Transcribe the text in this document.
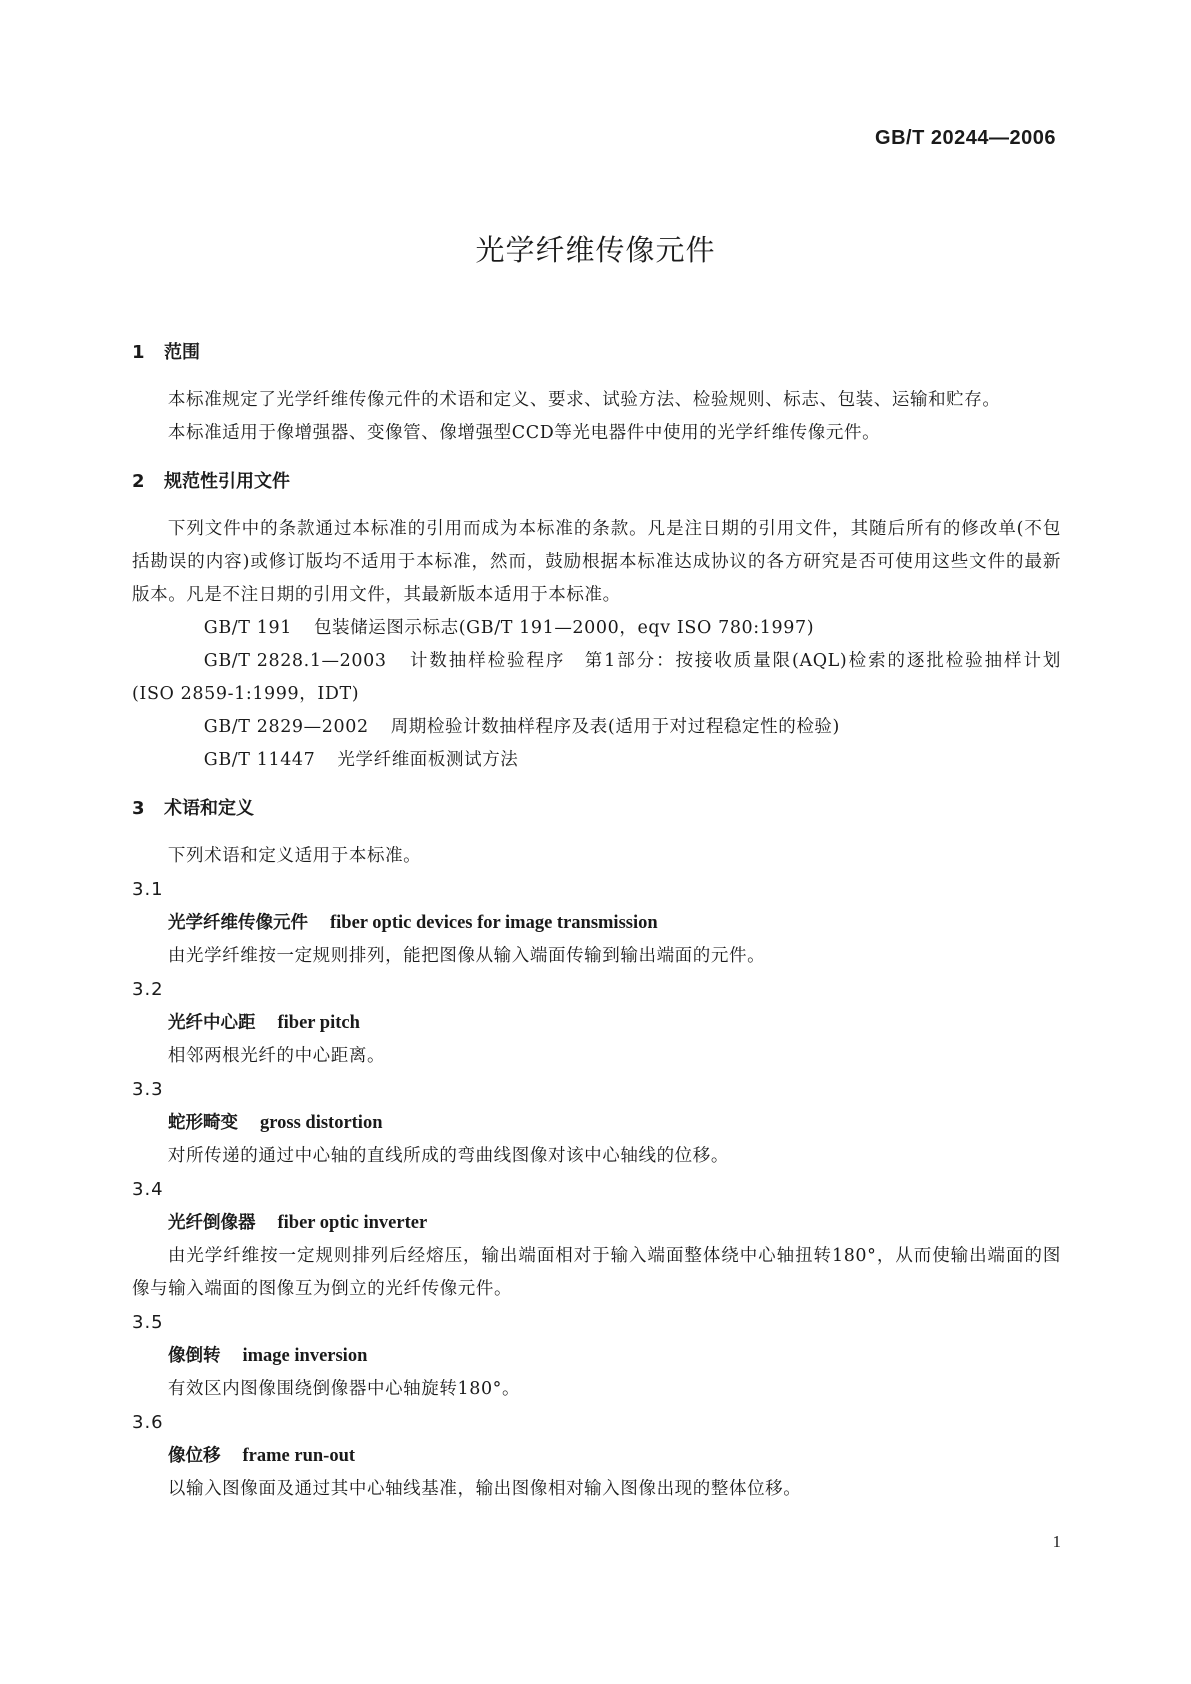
GB/T 20244—2006
光学纤维传像元件
1 范围

本标准规定了光学纤维传像元件的术语和定义、要求、试验方法、检验规则、标志、包装、运输和贮存。

本标准适用于像增强器、变像管、像增强型CCD等光电器件中使用的光学纤维传像元件。

2 规范性引用文件

下列文件中的条款通过本标准的引用而成为本标准的条款。凡是注日期的引用文件，其随后所有的修改单(不包括勘误的内容)或修订版均不适用于本标准，然而，鼓励根据本标准达成协议的各方研究是否可使用这些文件的最新版本。凡是不注日期的引用文件，其最新版本适用于本标准。

GB/T 191 包装储运图示标志(GB/T 191—2000，eqv ISO 780:1997)

GB/T 2828.1—2003 计数抽样检验程序　第1部分：按接收质量限(AQL)检索的逐批检验抽样计划(ISO 2859-1:1999，IDT)

GB/T 2829—2002 周期检验计数抽样程序及表(适用于对过程稳定性的检验)

GB/T 11447 光学纤维面板测试方法

3 术语和定义

下列术语和定义适用于本标准。

3.1

光学纤维传像元件 fiber optic devices for image transmission

由光学纤维按一定规则排列，能把图像从输入端面传输到输出端面的元件。

3.2

光纤中心距 fiber pitch

相邻两根光纤的中心距离。

3.3

蛇形畸变 gross distortion

对所传递的通过中心轴的直线所成的弯曲线图像对该中心轴线的位移。

3.4

光纤倒像器 fiber optic inverter

由光学纤维按一定规则排列后经熔压，输出端面相对于输入端面整体绕中心轴扭转180°，从而使输出端面的图像与输入端面的图像互为倒立的光纤传像元件。

3.5

像倒转 image inversion

有效区内图像围绕倒像器中心轴旋转180°。

3.6

像位移 frame run-out

以输入图像面及通过其中心轴线基准，输出图像相对输入图像出现的整体位移。

1
